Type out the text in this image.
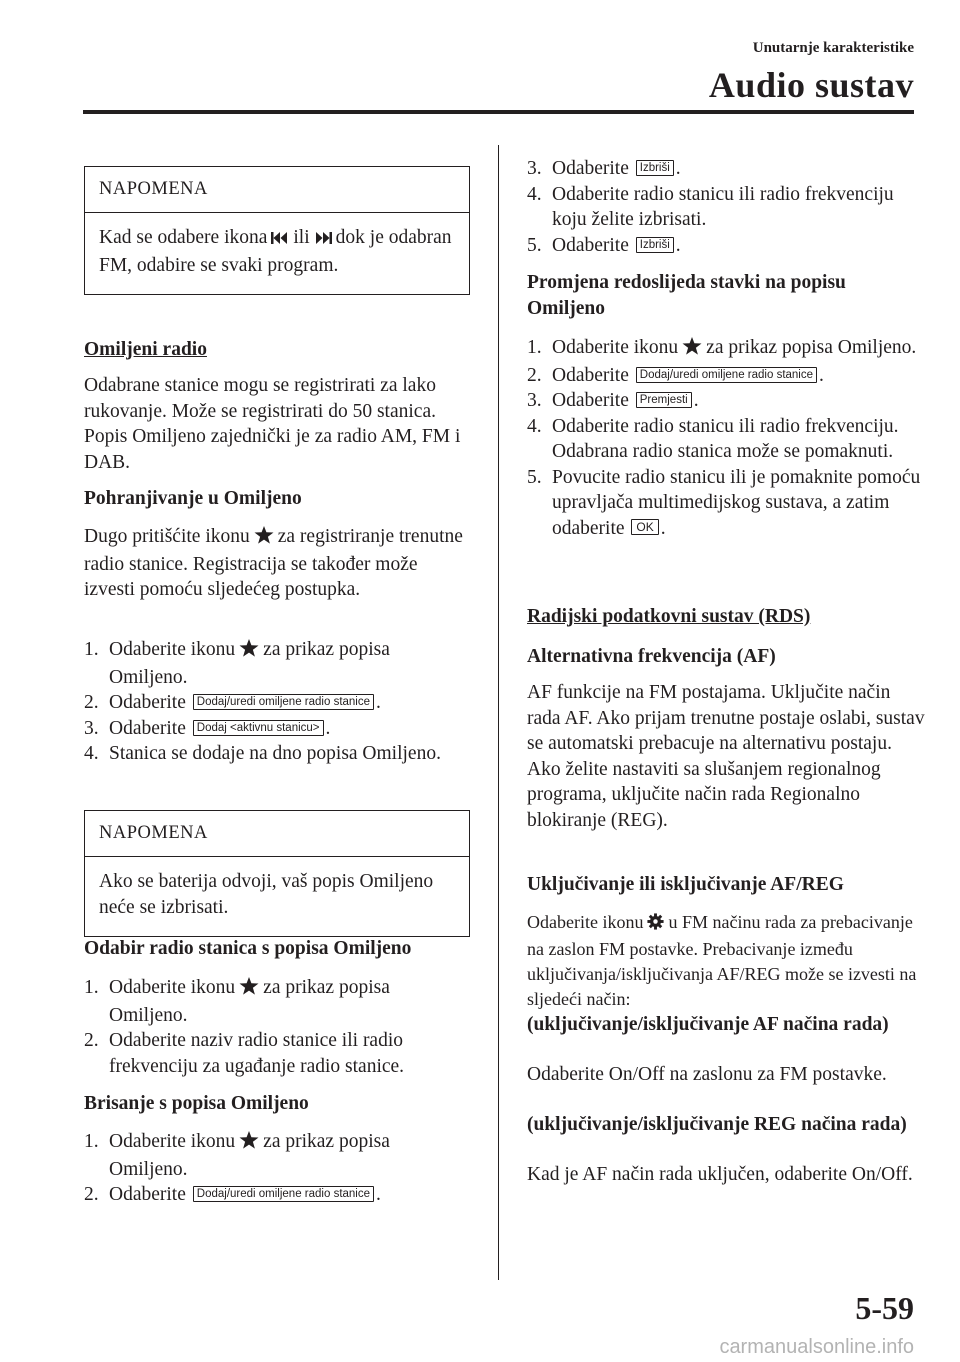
Unutarnje karakteristike
Audio sustav
NAPOMENA
Kad se odabere ikona ili dok je odabran FM, odabire se svaki program.
Omiljeni radio
Odabrane stanice mogu se registrirati za lako rukovanje. Može se registrirati do 50 stanica. Popis Omiljeno zajednički je za radio AM, FM i DAB.
Pohranjivanje u Omiljeno
Dugo pritišćite ikonu za registriranje trenutne radio stanice. Registracija se također može izvesti pomoću sljedećeg postupka.
1. Odaberite ikonu za prikaz popisa Omiljeno.
2. Odaberite Dodaj/uredi omiljene radio stanice .
3. Odaberite Dodaj <aktivnu stanicu> .
4. Stanica se dodaje na dno popisa Omiljeno.
NAPOMENA
Ako se baterija odvoji, vaš popis Omiljeno neće se izbrisati.
Odabir radio stanica s popisa Omiljeno
1. Odaberite ikonu za prikaz popisa Omiljeno.
2. Odaberite naziv radio stanice ili radio frekvenciju za ugađanje radio stanice.
Brisanje s popisa Omiljeno
1. Odaberite ikonu za prikaz popisa Omiljeno.
2. Odaberite Dodaj/uredi omiljene radio stanice .
3. Odaberite Izbriši .
4. Odaberite radio stanicu ili radio frekvenciju koju želite izbrisati.
5. Odaberite Izbriši .
Promjena redoslijeda stavki na popisu Omiljeno
1. Odaberite ikonu za prikaz popisa Omiljeno.
2. Odaberite Dodaj/uredi omiljene radio stanice .
3. Odaberite Premjesti .
4. Odaberite radio stanicu ili radio frekvenciju. Odabrana radio stanica može se pomaknuti.
5. Povucite radio stanicu ili je pomaknite pomoću upravljača multimedijskog sustava, a zatim odaberite OK .
Radijski podatkovni sustav (RDS)
Alternativna frekvencija (AF)
AF funkcije na FM postajama. Uključite način rada AF. Ako prijam trenutne postaje oslabi, sustav se automatski prebacuje na alternativu postaju.
Ako želite nastaviti sa slušanjem regionalnog programa, uključite način rada Regionalno blokiranje (REG).
Uključivanje ili isključivanje AF/REG
Odaberite ikonu u FM načinu rada za prebacivanje na zaslon FM postavke. Prebacivanje između uključivanja/isključivanja AF/REG može se izvesti na sljedeći način:
(uključivanje/isključivanje AF načina rada)
Odaberite On/Off na zaslonu za FM postavke.
(uključivanje/isključivanje REG načina rada)
Kad je AF način rada uključen, odaberite On/Off.
5-59
carmanualsonline.info
